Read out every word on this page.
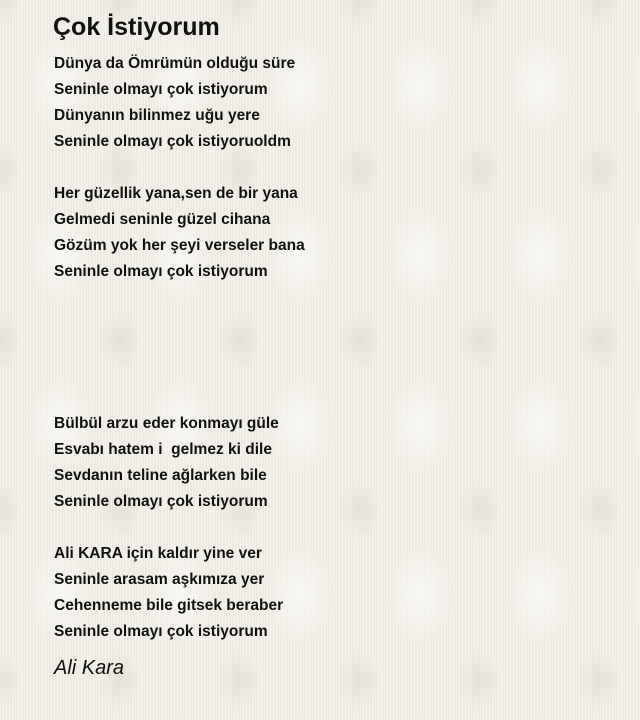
Çok İstiyorum
Dünya da Ömrümün olduğu süre
Seninle olmayı çok istiyorum
Dünyanın bilinmez uğu yere
Seninle olmayı çok istiyoruoldm
Her güzellik yana,sen de bir yana
Gelmedi seninle güzel cihana
Gözüm yok her şeyi verseler bana
Seninle olmayı çok istiyorum
Bülbül arzu eder konmayı güle
Esvabı hatem i  gelmez ki dile
Sevdanın teline ağlarken bile
Seninle olmayı çok istiyorum
Ali KARA için kaldır yine ver
Seninle arasam aşkımıza yer
Cehenneme bile gitsek beraber
Seninle olmayı çok istiyorum
Ali Kara
